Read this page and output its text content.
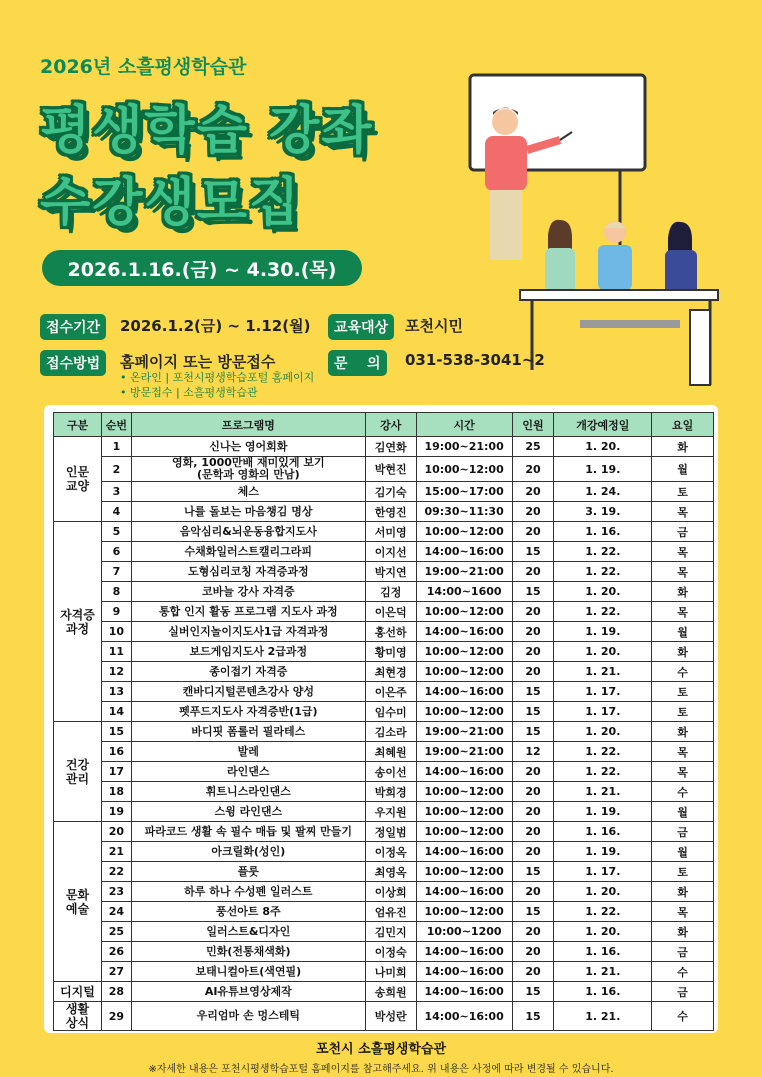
2026년 소흘평생학습관
평생학습 강좌
수강생모집
2026.1.16.(금) ~ 4.30.(목)
접수기간	2026.1.2(금) ~ 1.12(월)	교육대상	포천시민
접수방법	홈페이지 또는 방문접수	문    의	031-538-3041~2
• 온라인 | 포천시평생학습포털 홈페이지
• 방문접수 | 소흘평생학습관
구분	순번	프로그램명	강사	시간	인원	개강예정일	요일
인문
교양	1	신나는 영어회화	김연화	19:00~21:00	25	1. 20.	화
	2	영화, 1000만배 재미있게 보기
(문학과 영화의 만남)	박현진	10:00~12:00	20	1. 19.	월
	3	체스	김기숙	15:00~17:00	20	1. 24.	토
	4	나를 돌보는 마음챙김 명상	한영진	09:30~11:30	20	3. 19.	목
자격증
과정	5	음악심리&뇌운동융합지도사	서미영	10:00~12:00	20	1. 16.	금
	6	수채화일러스트캘리그라피	이지선	14:00~16:00	15	1. 22.	목
	7	도형심리코칭 자격증과정	박지연	19:00~21:00	20	1. 22.	목
	8	코바늘 강사 자격증	김정	14:00~1600	15	1. 20.	화
	9	통합 인지 활동 프로그램 지도사 과정	이은덕	10:00~12:00	20	1. 22.	목
	10	실버인지놀이지도사1급 자격과정	홍선하	14:00~16:00	20	1. 19.	월
	11	보드게임지도사 2급과정	황미영	10:00~12:00	20	1. 20.	화
	12	종이접기 자격증	최현경	10:00~12:00	20	1. 21.	수
	13	캔바디지털콘텐츠강사 양성	이은주	14:00~16:00	15	1. 17.	토
	14	펫푸드지도사 자격증반(1급)	임수미	10:00~12:00	15	1. 17.	토
건강
관리	15	바디핏 폼롤러 필라테스	김소라	19:00~21:00	15	1. 20.	화
	16	발레	최혜원	19:00~21:00	12	1. 22.	목
	17	라인댄스	송이선	14:00~16:00	20	1. 22.	목
	18	휘트니스라인댄스	박희경	10:00~12:00	20	1. 21.	수
	19	스윙 라인댄스	우지원	10:00~12:00	20	1. 19.	월
문화
예술	20	파라코드 생활 속 필수 매듭 및 팔찌 만들기	정일범	10:00~12:00	20	1. 16.	금
	21	아크릴화(성인)	이정옥	14:00~16:00	20	1. 19.	월
	22	플룻	최영옥	10:00~12:00	15	1. 17.	토
	23	하루 하나 수성펜 일러스트	이상희	14:00~16:00	20	1. 20.	화
	24	풍선아트 8주	엄유진	10:00~12:00	15	1. 22.	목
	25	일러스트&디자인	김민지	10:00~1200	20	1. 20.	화
	26	민화(전통채색화)	이정숙	14:00~16:00	20	1. 16.	금
	27	보태니컬아트(색연필)	나미희	14:00~16:00	20	1. 21.	수
디지털	28	AI유튜브영상제작	송희원	14:00~16:00	15	1. 16.	금
생활
상식	29	우리엄마 손 멍스테틱	박성란	14:00~16:00	15	1. 21.	수
포천시 소흘평생학습관
※자세한 내용은 포천시평생학습포털 홈페이지를 참고해주세요. 위 내용은 사정에 따라 변경될 수 있습니다.
